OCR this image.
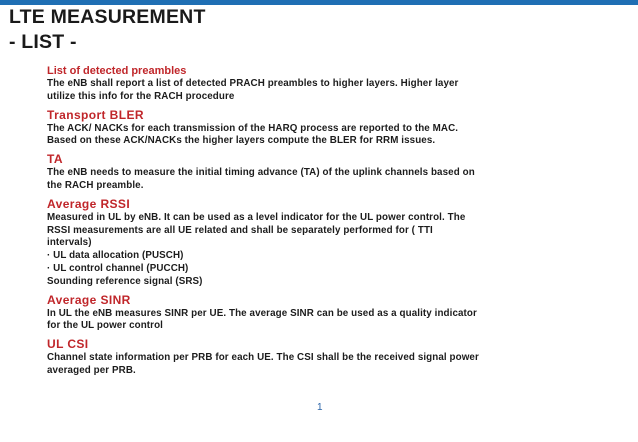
LTE MEASUREMENT
- LIST -
List of detected preambles
The eNB shall report a list of detected PRACH preambles to higher layers. Higher layer
utilize this info for the RACH procedure
Transport BLER
The ACK/ NACKs for each transmission of the HARQ process are reported to the MAC.
Based on these ACK/NACKs the higher layers compute the BLER for RRM issues.
TA
The eNB needs to measure the initial timing advance (TA) of the uplink channels based on
the RACH preamble.
Average RSSI
Measured in UL by eNB. It can be used as a level indicator for the UL power control. The
RSSI measurements are all UE related and shall be separately performed for ( TTI
intervals)
· UL data allocation (PUSCH)
· UL control channel (PUCCH)
Sounding reference signal (SRS)
Average SINR
In UL the eNB measures SINR per UE. The average SINR can be used as a quality indicator
for the UL power control
UL CSI
Channel state information per PRB for each UE. The CSI shall be the received signal power
averaged per PRB.
1
